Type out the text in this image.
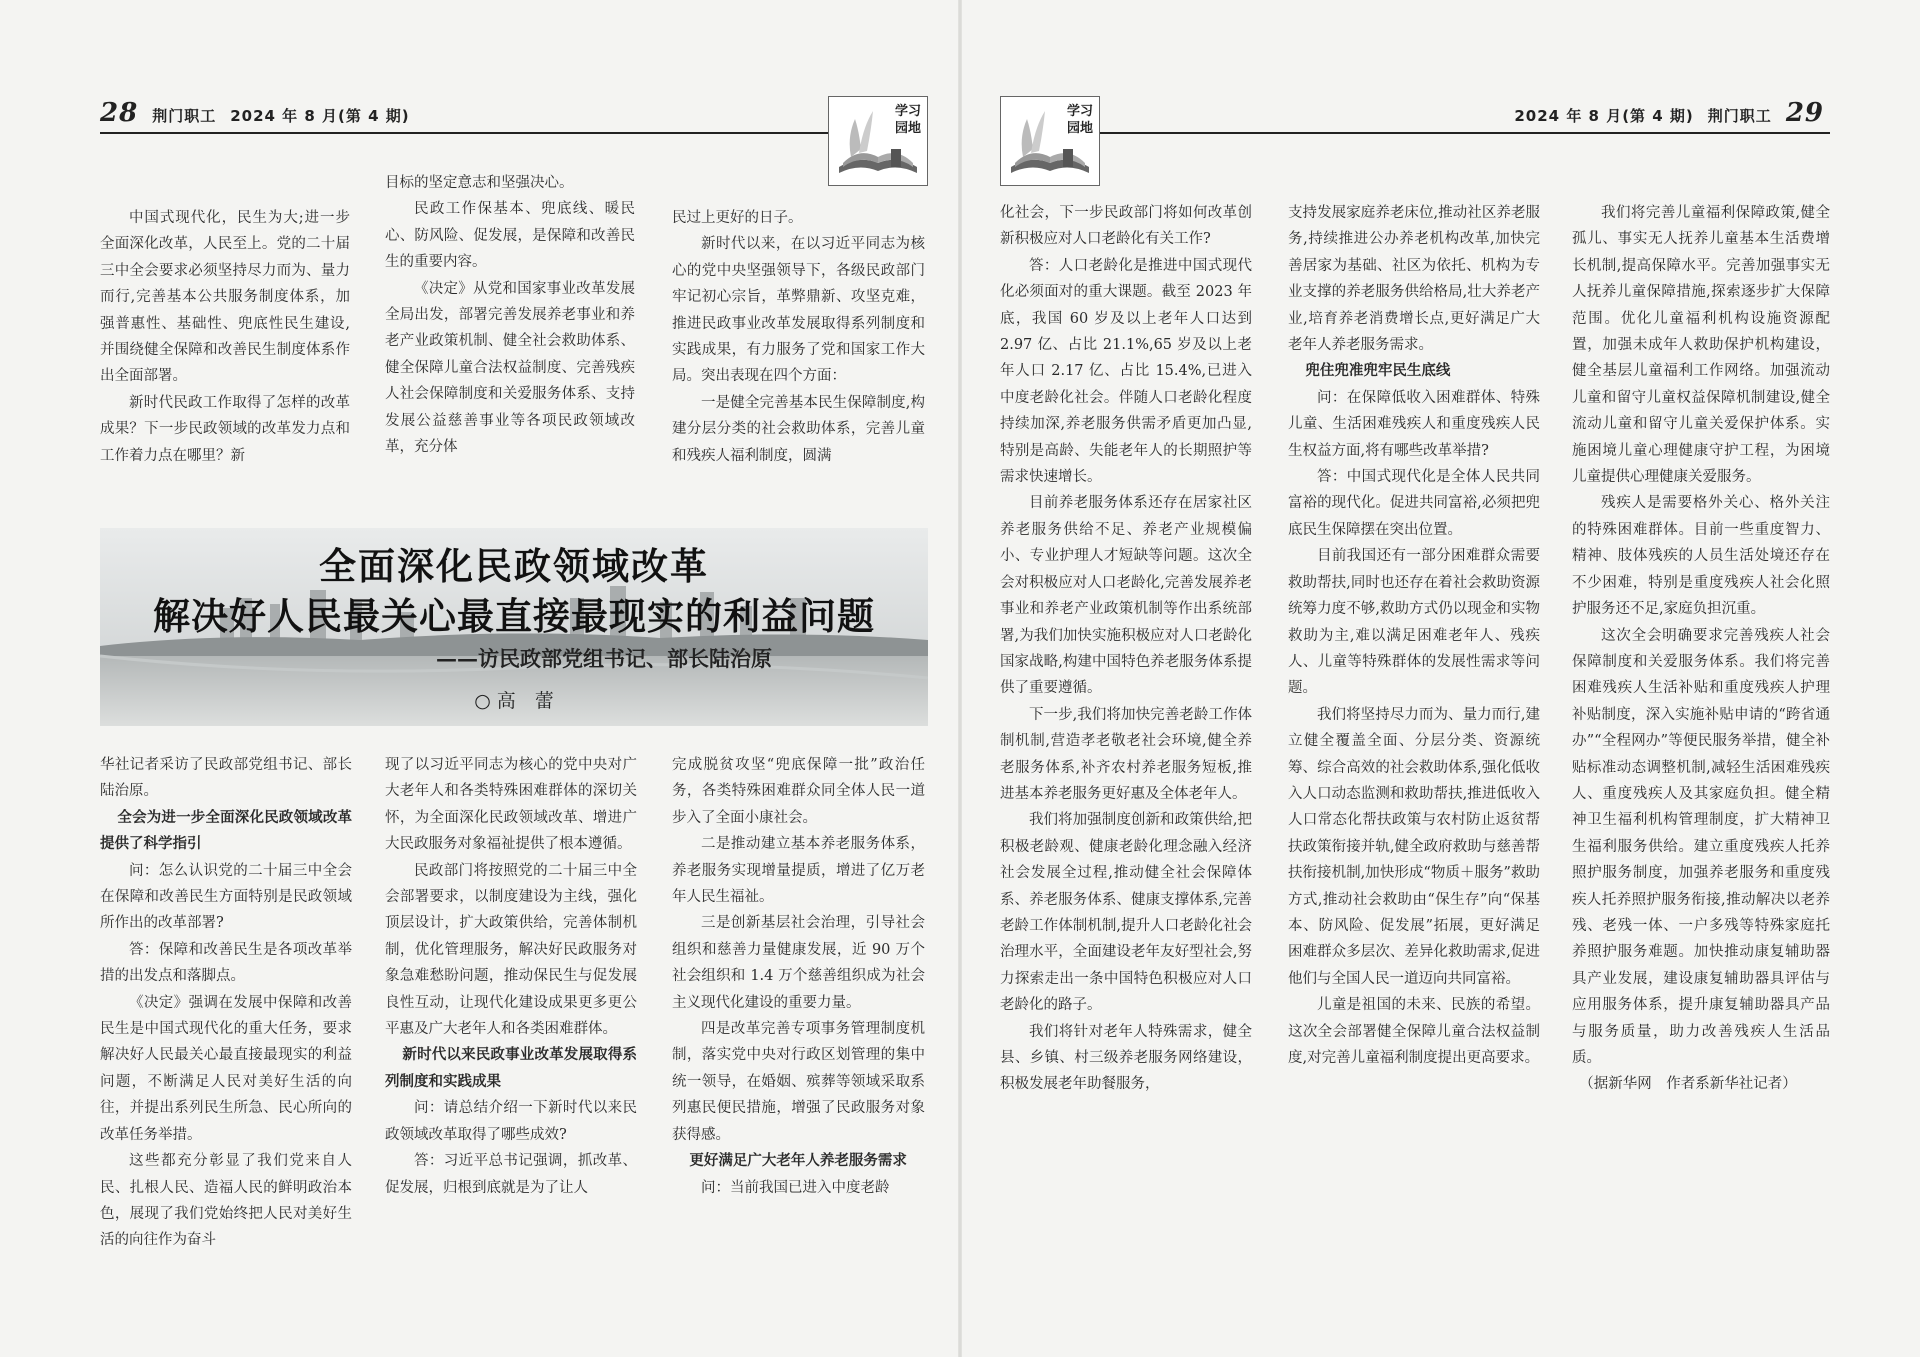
28 荆门职工 2024 年 8 月(第 4 期)	学习
园地

中国式现代化，民生为大;进一步全面深化改革，人民至上。党的二十届三中全会要求必须坚持尽力而为、量力而行,完善基本公共服务制度体系，加强普惠性、基础性、兜底性民生建设,并围绕健全保障和改善民生制度体系作出全面部署。

新时代民政工作取得了怎样的改革成果？下一步民政领域的改革发力点和工作着力点在哪里？新

目标的坚定意志和坚强决心。

民政工作保基本、兜底线、暖民心、防风险、促发展，是保障和改善民生的重要内容。

《决定》从党和国家事业改革发展全局出发，部署完善发展养老事业和养老产业政策机制、健全社会救助体系、健全保障儿童合法权益制度、完善残疾人社会保障制度和关爱服务体系、支持发展公益慈善事业等各项民政领域改革，充分体

民过上更好的日子。

新时代以来，在以习近平同志为核心的党中央坚强领导下，各级民政部门牢记初心宗旨，革弊鼎新、攻坚克难，推进民政事业改革发展取得系列制度和实践成果，有力服务了党和国家工作大局。突出表现在四个方面：

一是健全完善基本民生保障制度,构建分层分类的社会救助体系，完善儿童和残疾人福利制度，圆满

全面深化民政领域改革
解决好人民最关心最直接最现实的利益问题
——访民政部党组书记、部长陆治原
○ 高　蕾

华社记者采访了民政部党组书记、部长陆治原。

全会为进一步全面深化民政领域改革提供了科学指引

问：怎么认识党的二十届三中全会在保障和改善民生方面特别是民政领域所作出的改革部署?

答：保障和改善民生是各项改革举措的出发点和落脚点。

《决定》强调在发展中保障和改善民生是中国式现代化的重大任务，要求解决好人民最关心最直接最现实的利益问题，不断满足人民对美好生活的向往，并提出系列民生所急、民心所向的改革任务举措。

这些都充分彰显了我们党来自人民、扎根人民、造福人民的鲜明政治本色，展现了我们党始终把人民对美好生活的向往作为奋斗

现了以习近平同志为核心的党中央对广大老年人和各类特殊困难群体的深切关怀，为全面深化民政领域改革、增进广大民政服务对象福祉提供了根本遵循。

民政部门将按照党的二十届三中全会部署要求，以制度建设为主线，强化顶层设计，扩大政策供给，完善体制机制，优化管理服务，解决好民政服务对象急难愁盼问题，推动保民生与促发展良性互动，让现代化建设成果更多更公平惠及广大老年人和各类困难群体。

新时代以来民政事业改革发展取得系列制度和实践成果

问：请总结介绍一下新时代以来民政领域改革取得了哪些成效?

答：习近平总书记强调，抓改革、促发展，归根到底就是为了让人

完成脱贫攻坚“兜底保障一批”政治任务，各类特殊困难群众同全体人民一道步入了全面小康社会。

二是推动建立基本养老服务体系，养老服务实现增量提质，增进了亿万老年人民生福祉。

三是创新基层社会治理，引导社会组织和慈善力量健康发展，近 90 万个社会组织和 1.4 万个慈善组织成为社会主义现代化建设的重要力量。

四是改革完善专项事务管理制度机制，落实党中央对行政区划管理的集中统一领导，在婚姻、殡葬等领域采取系列惠民便民措施，增强了民政服务对象获得感。

更好满足广大老年人养老服务需求

问：当前我国已进入中度老龄

2024 年 8 月(第 4 期) 荆门职工 29
学习
园地

化社会，下一步民政部门将如何改革创新积极应对人口老龄化有关工作?

答：人口老龄化是推进中国式现代化必须面对的重大课题。截至 2023 年底，我国 60 岁及以上老年人口达到 2.97 亿、占比 21.1%,65 岁及以上老年人口 2.17 亿、占比 15.4%,已进入中度老龄化社会。伴随人口老龄化程度持续加深,养老服务供需矛盾更加凸显,特别是高龄、失能老年人的长期照护等需求快速增长。

目前养老服务体系还存在居家社区养老服务供给不足、养老产业规模偏小、专业护理人才短缺等问题。这次全会对积极应对人口老龄化,完善发展养老事业和养老产业政策机制等作出系统部署,为我们加快实施积极应对人口老龄化国家战略,构建中国特色养老服务体系提供了重要遵循。

下一步,我们将加快完善老龄工作体制机制,营造孝老敬老社会环境,健全养老服务体系,补齐农村养老服务短板,推进基本养老服务更好惠及全体老年人。

我们将加强制度创新和政策供给,把积极老龄观、健康老龄化理念融入经济社会发展全过程,推动健全社会保障体系、养老服务体系、健康支撑体系,完善老龄工作体制机制,提升人口老龄化社会治理水平，全面建设老年友好型社会,努力探索走出一条中国特色积极应对人口老龄化的路子。

我们将针对老年人特殊需求，健全县、乡镇、村三级养老服务网络建设，积极发展老年助餐服务，

支持发展家庭养老床位,推动社区养老服务,持续推进公办养老机构改革,加快完善居家为基础、社区为依托、机构为专业支撑的养老服务供给格局,壮大养老产业,培育养老消费增长点,更好满足广大老年人养老服务需求。

兜住兜准兜牢民生底线

问：在保障低收入困难群体、特殊儿童、生活困难残疾人和重度残疾人民生权益方面,将有哪些改革举措?

答：中国式现代化是全体人民共同富裕的现代化。促进共同富裕,必须把兜底民生保障摆在突出位置。

目前我国还有一部分困难群众需要救助帮扶,同时也还存在着社会救助资源统筹力度不够,救助方式仍以现金和实物救助为主,难以满足困难老年人、残疾人、儿童等特殊群体的发展性需求等问题。

我们将坚持尽力而为、量力而行,建立健全覆盖全面、分层分类、资源统筹、综合高效的社会救助体系,强化低收入人口动态监测和救助帮扶,推进低收入人口常态化帮扶政策与农村防止返贫帮扶政策衔接并轨,健全政府救助与慈善帮扶衔接机制,加快形成“物质＋服务”救助方式,推动社会救助由“保生存”向“保基本、防风险、促发展”拓展，更好满足困难群众多层次、差异化救助需求,促进他们与全国人民一道迈向共同富裕。

儿童是祖国的未来、民族的希望。这次全会部署健全保障儿童合法权益制度,对完善儿童福利制度提出更高要求。

我们将完善儿童福利保障政策,健全孤儿、事实无人抚养儿童基本生活费增长机制,提高保障水平。完善加强事实无人抚养儿童保障措施,探索逐步扩大保障范围。优化儿童福利机构设施资源配置，加强未成年人救助保护机构建设，健全基层儿童福利工作网络。加强流动儿童和留守儿童权益保障机制建设,健全流动儿童和留守儿童关爱保护体系。实施困境儿童心理健康守护工程，为困境儿童提供心理健康关爱服务。

残疾人是需要格外关心、格外关注的特殊困难群体。目前一些重度智力、精神、肢体残疾的人员生活处境还存在不少困难，特别是重度残疾人社会化照护服务还不足,家庭负担沉重。

这次全会明确要求完善残疾人社会保障制度和关爱服务体系。我们将完善困难残疾人生活补贴和重度残疾人护理补贴制度，深入实施补贴申请的“跨省通办”“全程网办”等便民服务举措，健全补贴标准动态调整机制,减轻生活困难残疾人、重度残疾人及其家庭负担。健全精神卫生福利机构管理制度，扩大精神卫生福利服务供给。建立重度残疾人托养照护服务制度，加强养老服务和重度残疾人托养照护服务衔接,推动解决以老养残、老残一体、一户多残等特殊家庭托养照护服务难题。加快推动康复辅助器具产业发展，建设康复辅助器具评估与应用服务体系，提升康复辅助器具产品与服务质量，助力改善残疾人生活品质。

　（据新华网　作者系新华社记者）
